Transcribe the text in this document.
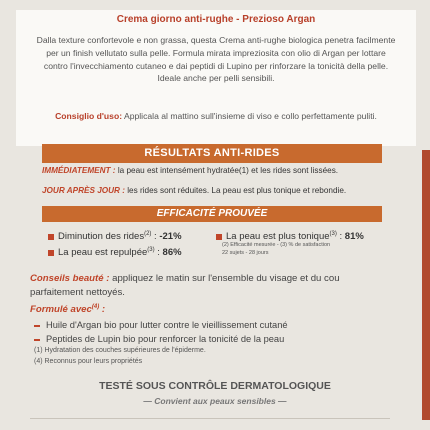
Crema giorno anti-rughe - Prezioso Argan
Dalla texture confortevole e non grassa, questa Crema anti-rughe biologica penetra facilmente per un finish vellutato sulla pelle. Formula mirata impreziosita con olio di Argan per lottare contro l'invecchiamento cutaneo e dai peptidi di Lupino per rinforzare la tonicità della pelle. Ideale anche per pelli sensibili.
Consiglio d'uso: Applicala al mattino sull'insieme di viso e collo perfettamente puliti.
RÉSULTATS ANTI-RIDES
IMMÉDIATEMENT : la peau est intensément hydratée(1) et les rides sont lissées.
JOUR APRÈS JOUR : les rides sont réduites. La peau est plus tonique et rebondie.
EFFICACITÉ PROUVÉE
Diminution des rides$^{(2)}$ : -21%
La peau est repulpée$^{(3)}$ : 86%
La peau est plus tonique$^{(3)}$ : 81%
(2) Efficacité mesurée - (3) % de satisfaction
22 sujets - 28 jours
Conseils beauté : appliquez le matin sur l'ensemble du visage et du cou parfaitement nettoyés.
Formulé avec$^{(4)}$ :
Huile d'Argan bio pour lutter contre le vieillissement cutané
Peptides de Lupin bio pour renforcer la tonicité de la peau
(1) Hydratation des couches supérieures de l'épiderme.
(4) Reconnus pour leurs propriétés
TESTÉ SOUS CONTRÔLE DERMATOLOGIQUE
— Convient aux peaux sensibles —
